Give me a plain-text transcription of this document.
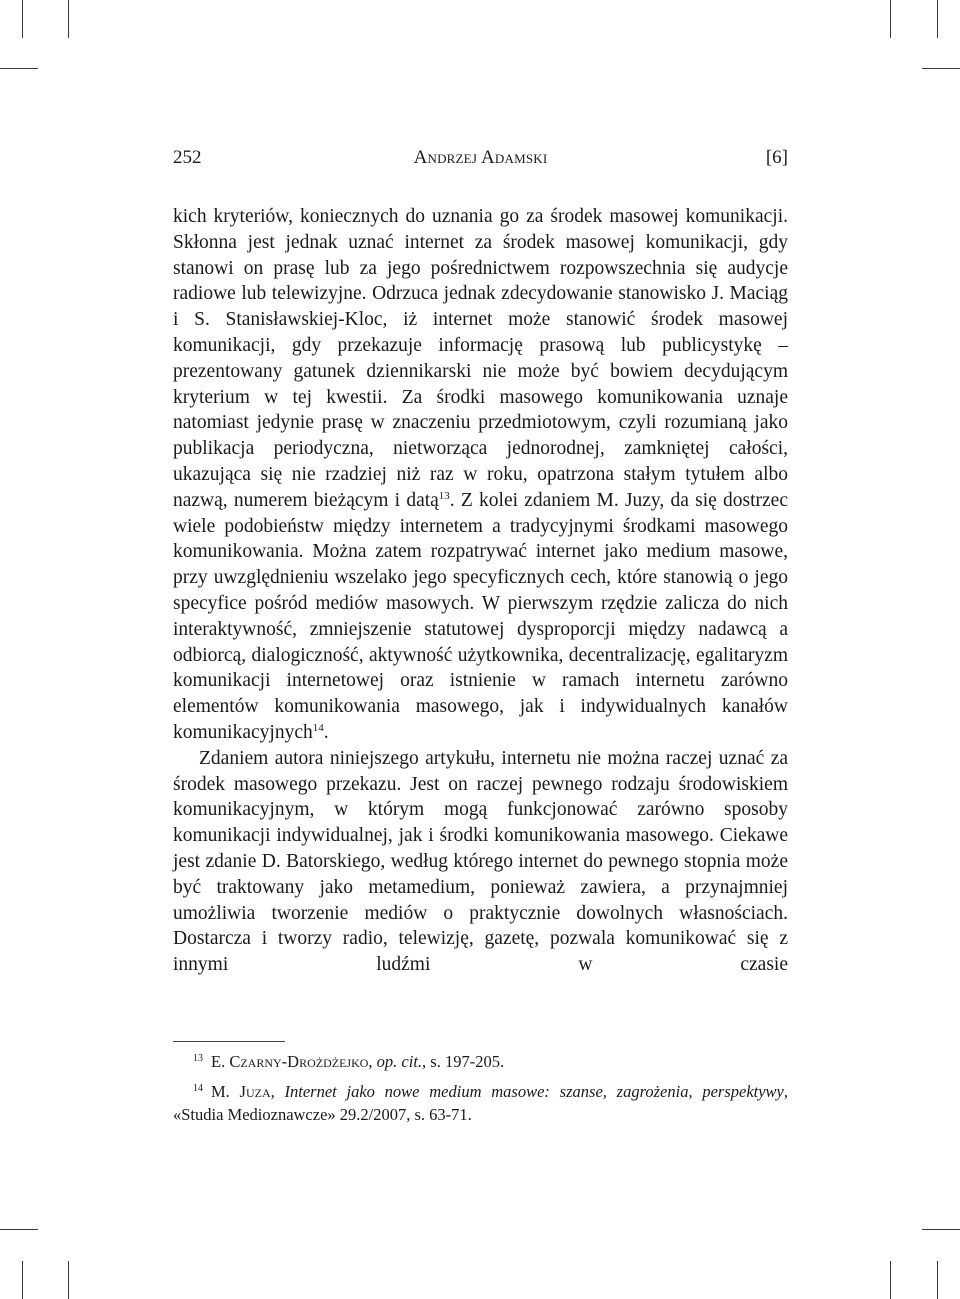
252	Andrzej Adamski	[6]

kich kryteriów, koniecznych do uznania go za środek masowej komunikacji. Skłonna jest jednak uznać internet za środek masowej komunikacji, gdy stanowi on prasę lub za jego pośrednictwem rozpowszechnia się audycje radiowe lub telewizyjne. Odrzuca jednak zdecydowanie stanowisko J. Maciąg i S. Stanisławskiej-Kloc, iż internet może stanowić środek masowej komunikacji, gdy przekazuje informację prasową lub publicystykę – prezentowany gatunek dziennikarski nie może być bowiem decydującym kryterium w tej kwestii. Za środki masowego komunikowania uznaje natomiast jedynie prasę w znaczeniu przedmiotowym, czyli rozumianą jako publikacja periodyczna, nietworząca jednorodnej, zamkniętej całości, ukazująca się nie rzadziej niż raz w roku, opatrzona stałym tytułem albo nazwą, numerem bieżącym i datą$^{13}$. Z kolei zdaniem M. Juzy, da się dostrzec wiele podobieństw między internetem a tradycyjnymi środkami masowego komunikowania. Można zatem rozpatrywać internet jako medium masowe, przy uwzględnieniu wszelako jego specyficznych cech, które stanowią o jego specyfice pośród mediów masowych. W pierwszym rzędzie zalicza do nich interaktywność, zmniejszenie statutowej dysproporcji między nadawcą a odbiorcą, dialogiczność, aktywność użytkownika, decentralizację, egalitaryzm komunikacji internetowej oraz istnienie w ramach internetu zarówno elementów komunikowania masowego, jak i indywidualnych kanałów komunikacyjnych$^{14}$.

Zdaniem autora niniejszego artykułu, internetu nie można raczej uznać za środek masowego przekazu. Jest on raczej pewnego rodzaju środowiskiem komunikacyjnym, w którym mogą funkcjonować zarówno sposoby komunikacji indywidualnej, jak i środki komunikowania masowego. Ciekawe jest zdanie D. Batorskiego, według którego internet do pewnego stopnia może być traktowany jako metamedium, ponieważ zawiera, a przynajmniej umożliwia tworzenie mediów o praktycznie dowolnych własnościach. Dostarcza i tworzy radio, telewizję, gazetę, pozwala komunikować się z innymi ludźmi w czasie

$^{13}$ E. Czarny-Drożdżejko, op. cit., s. 197-205.

$^{14}$ M. Juza, Internet jako nowe medium masowe: szanse, zagrożenia, perspektywy, «Studia Medioznawcze» 29.2/2007, s. 63-71.
